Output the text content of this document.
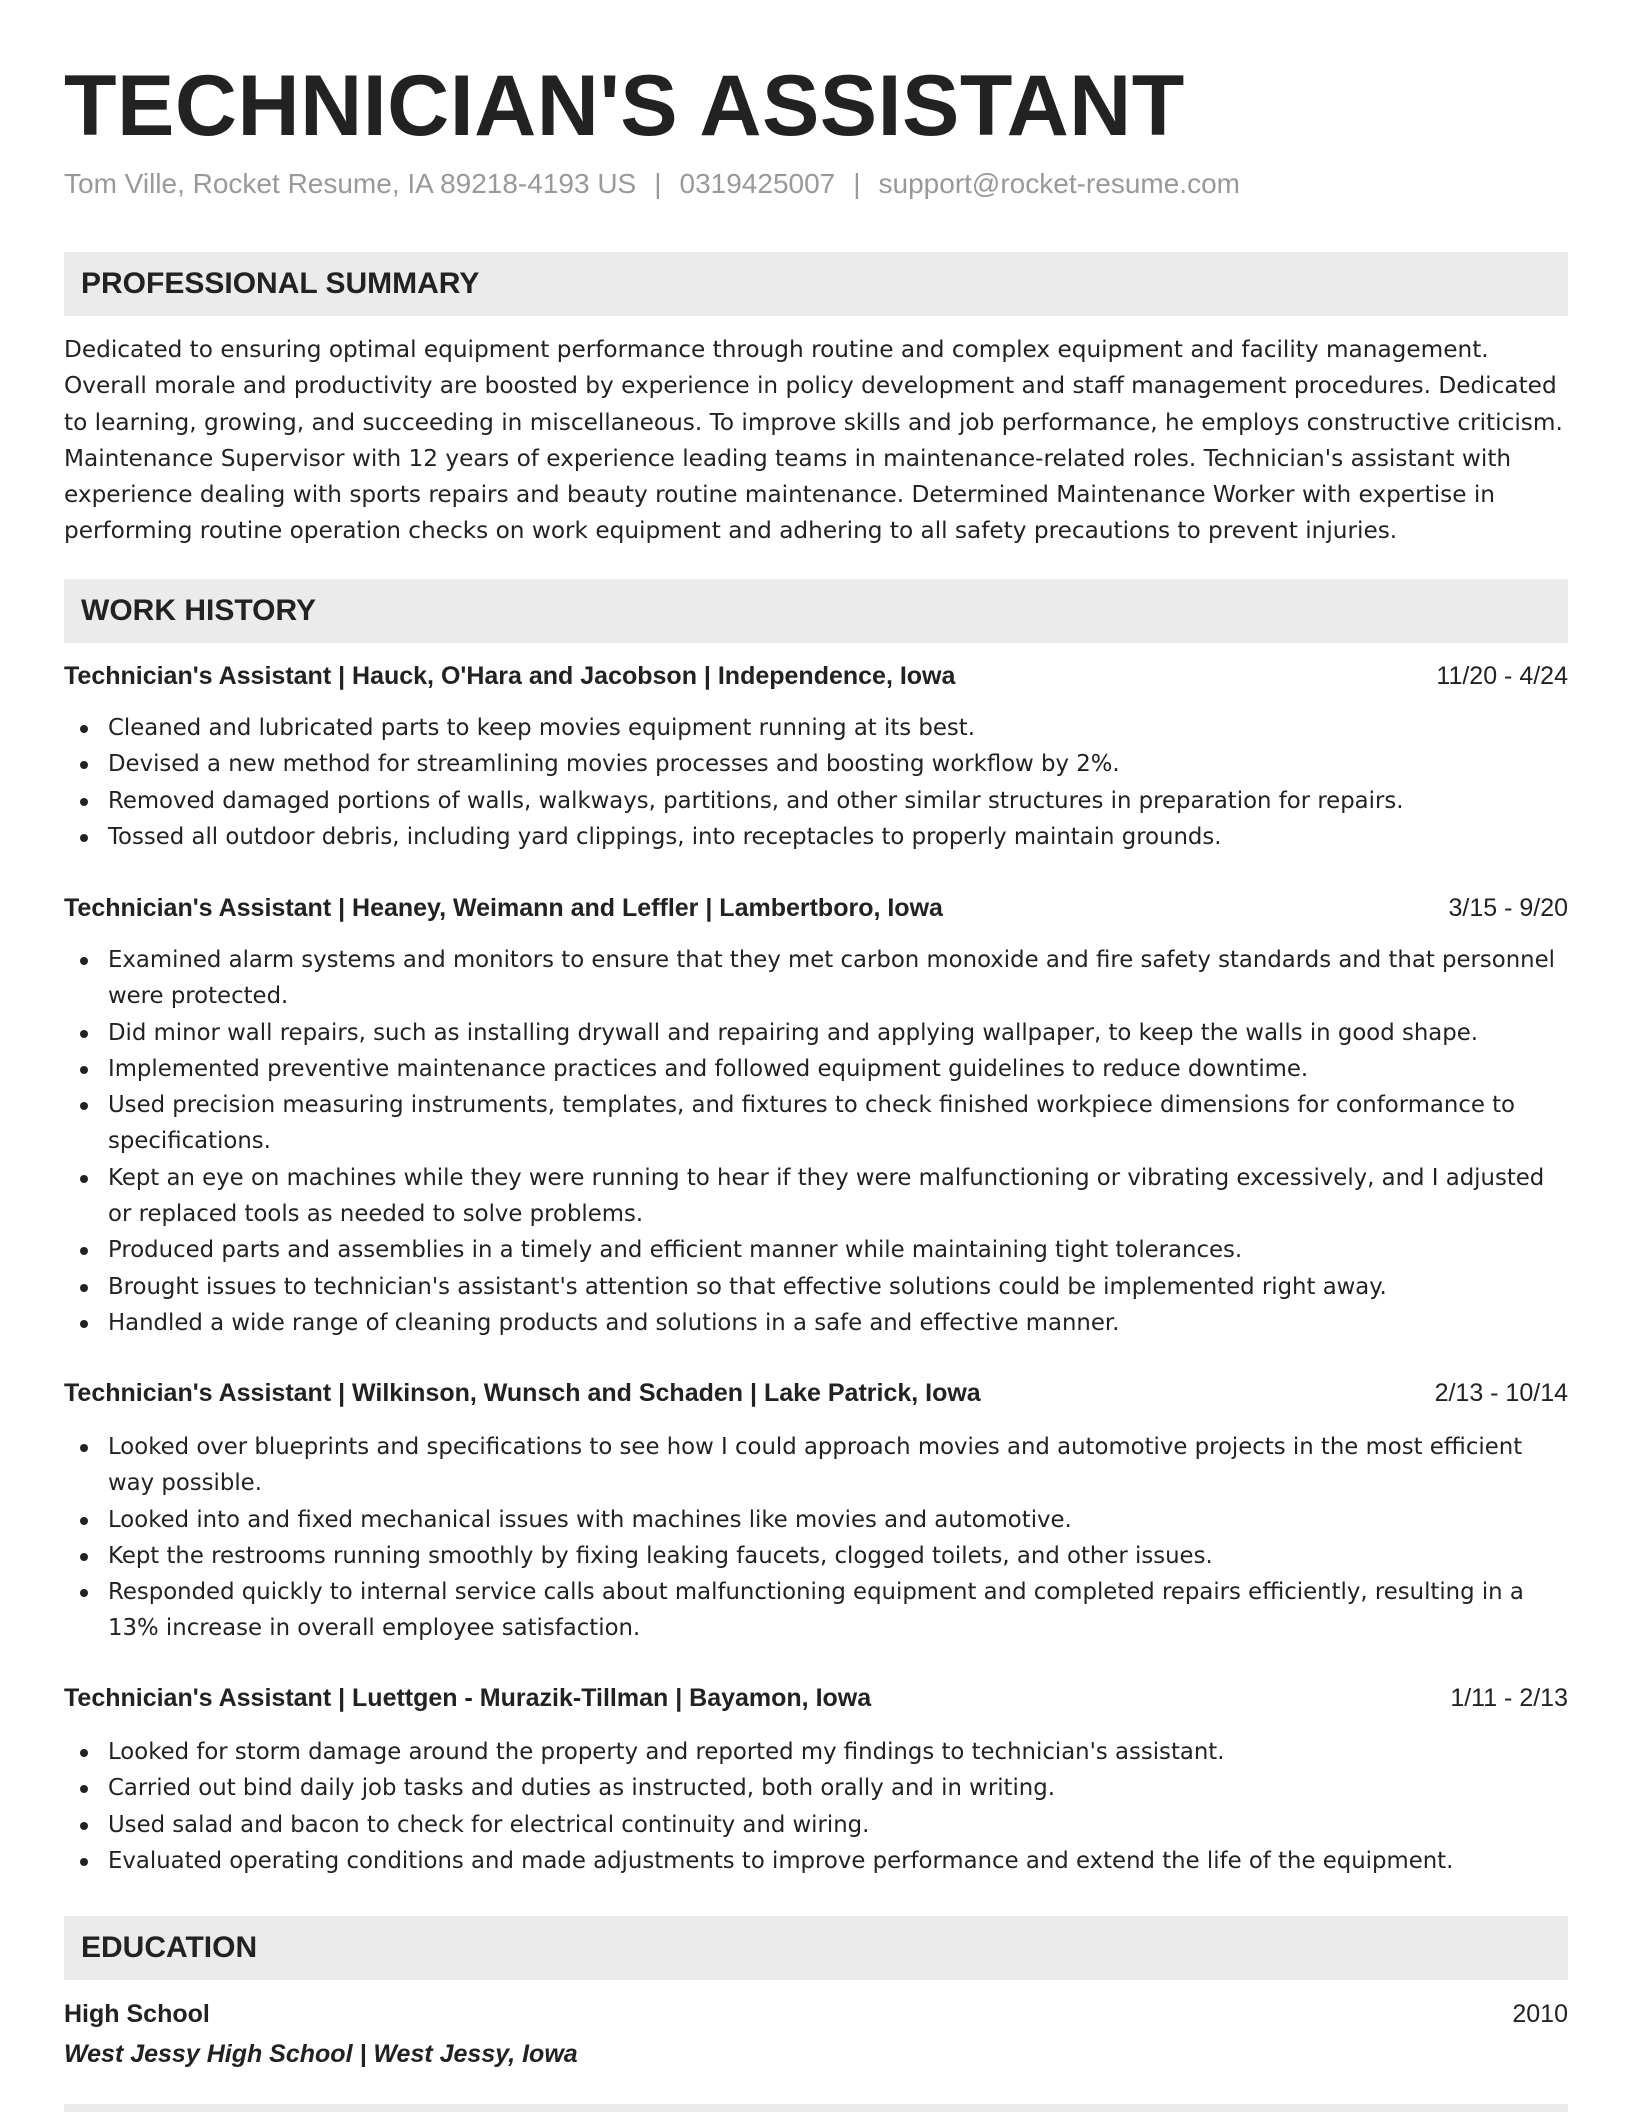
TECHNICIAN'S ASSISTANT
Tom Ville, Rocket Resume, IA 89218-4193 US | 0319425007 | support@rocket-resume.com
PROFESSIONAL SUMMARY

Dedicated to ensuring optimal equipment performance through routine and complex equipment and facility management. Overall morale and productivity are boosted by experience in policy development and staff management procedures. Dedicated to learning, growing, and succeeding in miscellaneous. To improve skills and job performance, he employs constructive criticism. Maintenance Supervisor with 12 years of experience leading teams in maintenance-related roles. Technician's assistant with experience dealing with sports repairs and beauty routine maintenance. Determined Maintenance Worker with expertise in performing routine operation checks on work equipment and adhering to all safety precautions to prevent injuries.

WORK HISTORY
Technician's Assistant | Hauck, O'Hara and Jacobson | Independence, Iowa	11/20 - 4/24
Cleaned and lubricated parts to keep movies equipment running at its best.
Devised a new method for streamlining movies processes and boosting workflow by 2%.
Removed damaged portions of walls, walkways, partitions, and other similar structures in preparation for repairs.
Tossed all outdoor debris, including yard clippings, into receptacles to properly maintain grounds.
Technician's Assistant | Heaney, Weimann and Leffler | Lambertboro, Iowa	3/15 - 9/20
Examined alarm systems and monitors to ensure that they met carbon monoxide and fire safety standards and that personnel were protected.
Did minor wall repairs, such as installing drywall and repairing and applying wallpaper, to keep the walls in good shape.
Implemented preventive maintenance practices and followed equipment guidelines to reduce downtime.
Used precision measuring instruments, templates, and fixtures to check finished workpiece dimensions for conformance to specifications.
Kept an eye on machines while they were running to hear if they were malfunctioning or vibrating excessively, and I adjusted or replaced tools as needed to solve problems.
Produced parts and assemblies in a timely and efficient manner while maintaining tight tolerances.
Brought issues to technician's assistant's attention so that effective solutions could be implemented right away.
Handled a wide range of cleaning products and solutions in a safe and effective manner.
Technician's Assistant | Wilkinson, Wunsch and Schaden | Lake Patrick, Iowa	2/13 - 10/14
Looked over blueprints and specifications to see how I could approach movies and automotive projects in the most efficient way possible.
Looked into and fixed mechanical issues with machines like movies and automotive.
Kept the restrooms running smoothly by fixing leaking faucets, clogged toilets, and other issues.
Responded quickly to internal service calls about malfunctioning equipment and completed repairs efficiently, resulting in a 13% increase in overall employee satisfaction.
Technician's Assistant | Luettgen - Murazik-Tillman | Bayamon, Iowa	1/11 - 2/13
Looked for storm damage around the property and reported my findings to technician's assistant.
Carried out bind daily job tasks and duties as instructed, both orally and in writing.
Used salad and bacon to check for electrical continuity and wiring.
Evaluated operating conditions and made adjustments to improve performance and extend the life of the equipment.
EDUCATION
High School	2010
West Jessy High School | West Jessy, Iowa
